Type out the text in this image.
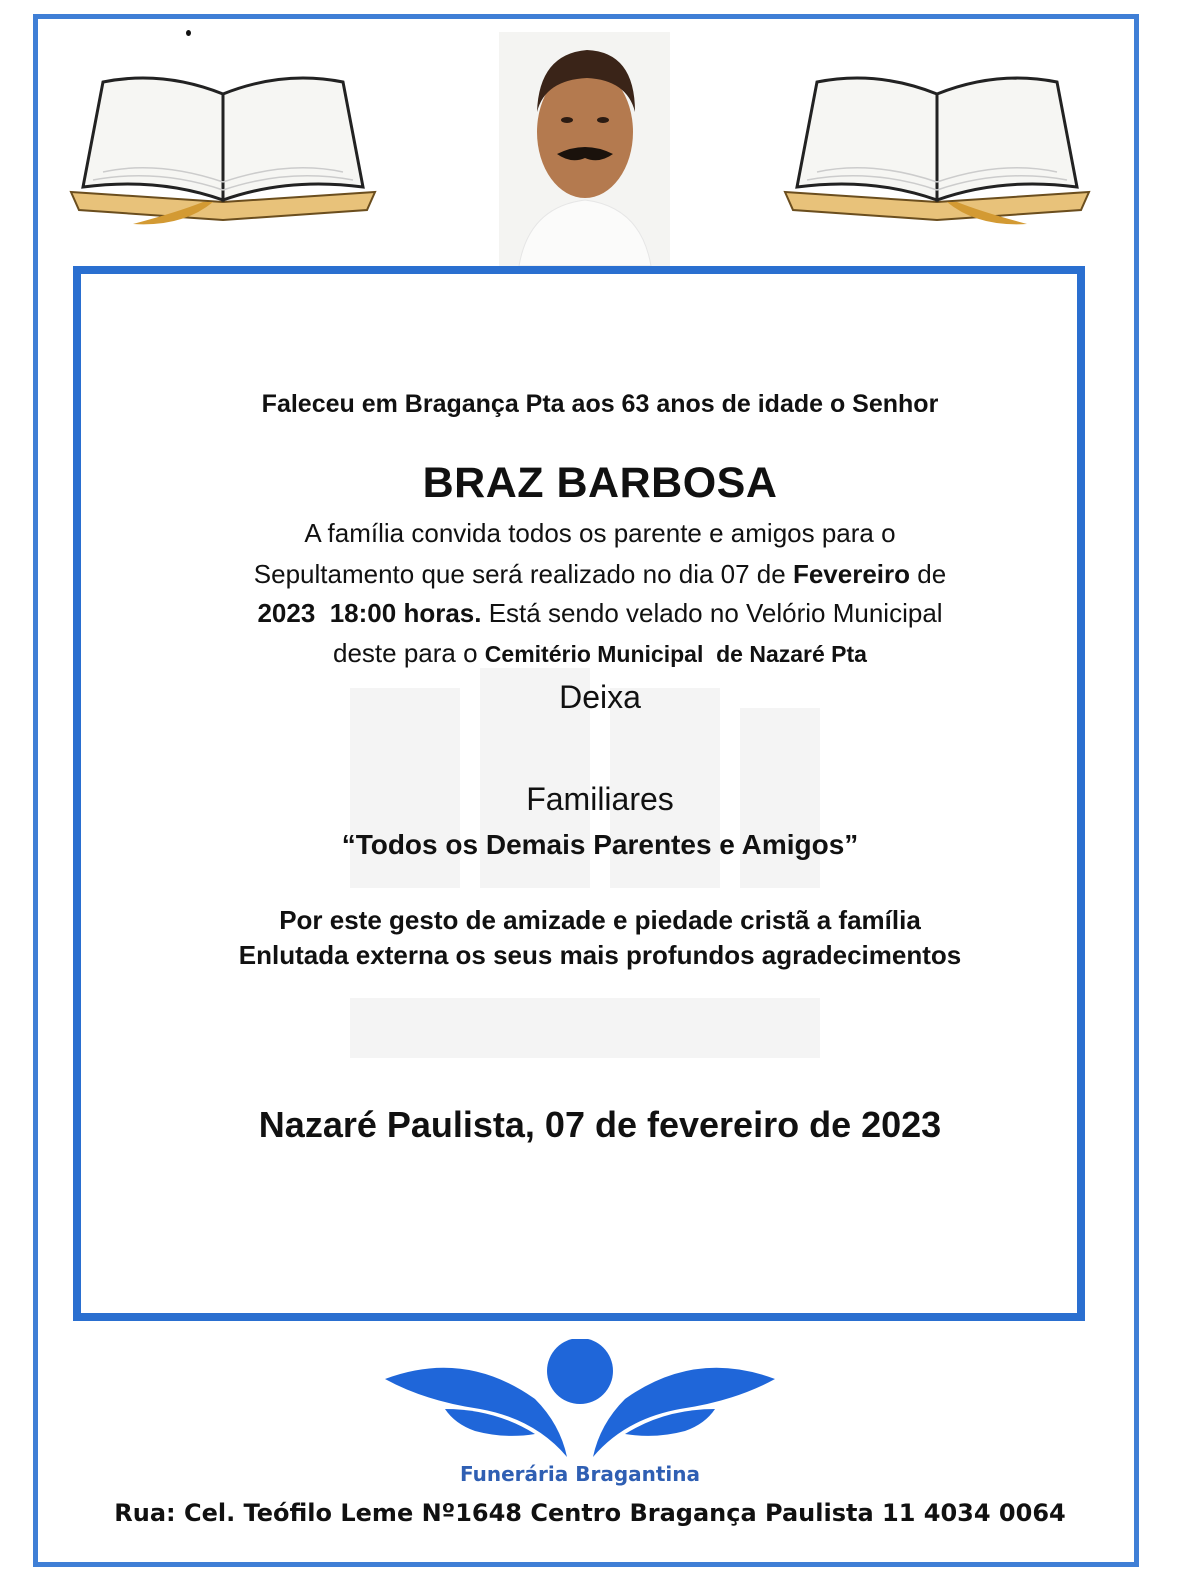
Faleceu em Bragança Pta aos 63 anos de idade o Senhor

BRAZ BARBOSA

A família convida todos os parente e amigos para o

Sepultamento que será realizado no dia 07 de Fevereiro de

2023  18:00 horas. Está sendo velado no Velório Municipal

deste para o Cemitério Municipal  de Nazaré Pta

Deixa

Familiares

“Todos os Demais Parentes e Amigos”

Por este gesto de amizade e piedade cristã a família

Enlutada externa os seus mais profundos agradecimentos

Nazaré Paulista, 07 de fevereiro de 2023

Funerária Bragantina
Rua: Cel. Teófilo Leme Nº1648 Centro Bragança Paulista 11 4034 0064
